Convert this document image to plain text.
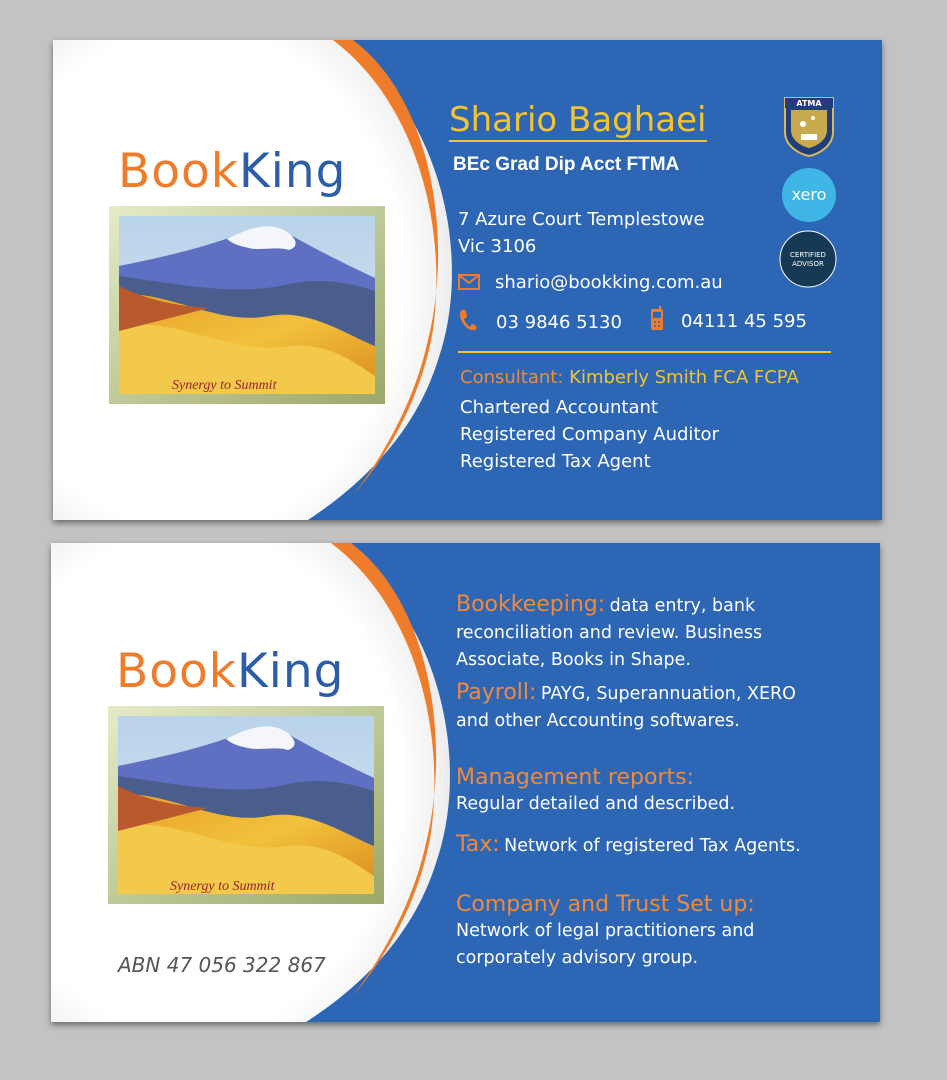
BookKing
Synergy to Summit
Shario Baghaei
BEc Grad Dip Acct FTMA
ATMA
xero
CERTIFIED
ADVISOR
7 Azure Court Templestowe
Vic 3106
shario@bookking.com.au
03 9846 5130	04111 45 595
Consultant: Kimberly Smith FCA FCPA
Chartered Accountant
Registered Company Auditor
Registered Tax Agent
BookKing
Synergy to Summit
ABN 47 056 322 867
Bookkeeping: data entry, bank reconciliation and review. Business Associate, Books in Shape.
Payroll: PAYG, Superannuation, XERO and other Accounting softwares.
Management reports:
Regular detailed and described.
Tax: Network of registered Tax Agents.
Company and Trust Set up:
Network of legal practitioners and corporately advisory group.
